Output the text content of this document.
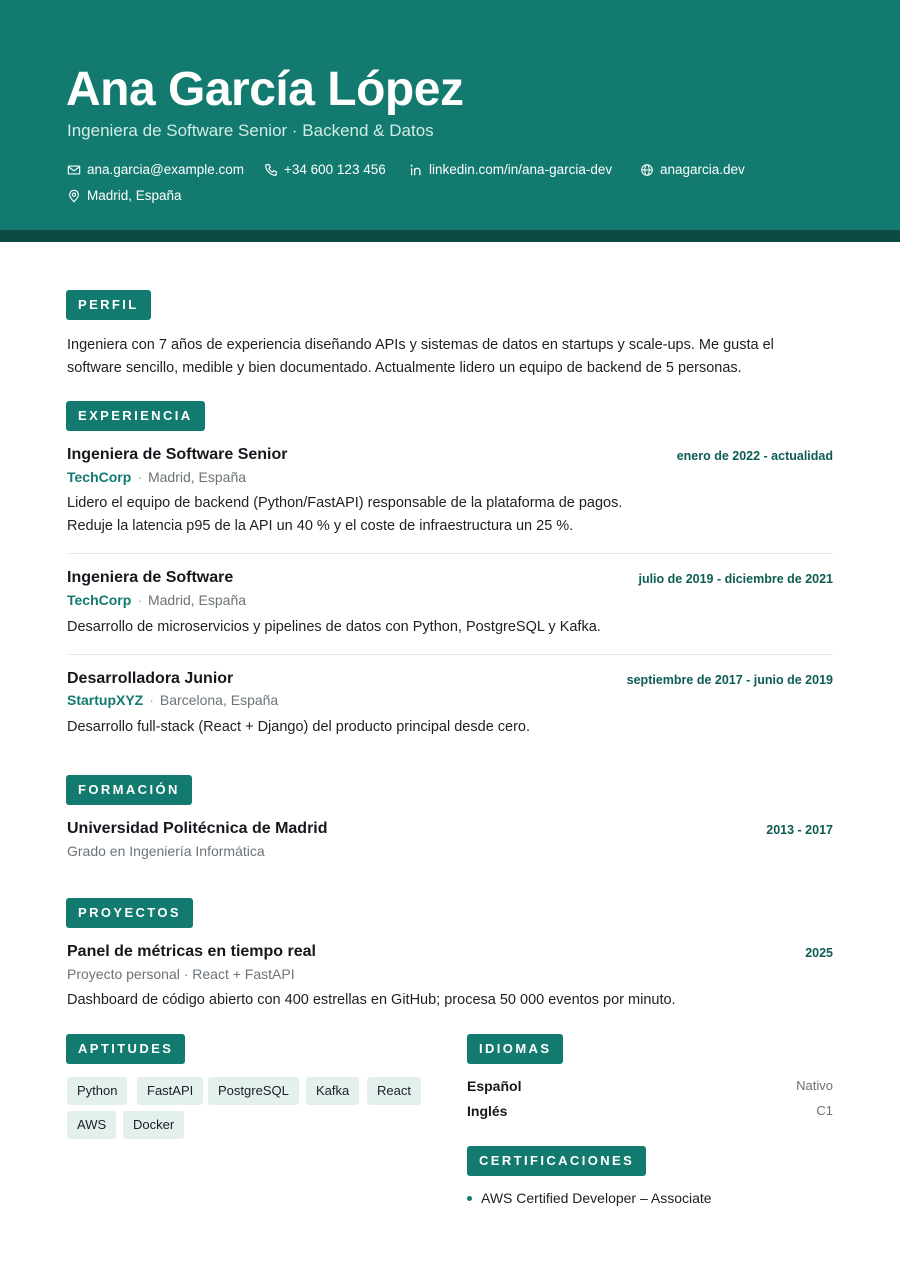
Ana García López
Ingeniera de Software Senior · Backend & Datos
ana.garcia@example.com	+34 600 123 456	linkedin.com/in/ana-garcia-dev	anagarcia.dev
Madrid, España
PERFIL
Ingeniera con 7 años de experiencia diseñando APIs y sistemas de datos en startups y scale-ups. Me gusta el
software sencillo, medible y bien documentado. Actualmente lidero un equipo de backend de 5 personas.
EXPERIENCIA
Ingeniera de Software Senior	enero de 2022 - actualidad
TechCorp · Madrid, España
Lidero el equipo de backend (Python/FastAPI) responsable de la plataforma de pagos.
Reduje la latencia p95 de la API un 40 % y el coste de infraestructura un 25 %.
Ingeniera de Software	julio de 2019 - diciembre de 2021
TechCorp · Madrid, España
Desarrollo de microservicios y pipelines de datos con Python, PostgreSQL y Kafka.
Desarrolladora Junior	septiembre de 2017 - junio de 2019
StartupXYZ · Barcelona, España
Desarrollo full-stack (React + Django) del producto principal desde cero.
FORMACIÓN
Universidad Politécnica de Madrid	2013 - 2017
Grado en Ingeniería Informática
PROYECTOS
Panel de métricas en tiempo real	2025
Proyecto personal · React + FastAPI
Dashboard de código abierto con 400 estrellas en GitHub; procesa 50 000 eventos por minuto.
APTITUDES
Python	FastAPI	PostgreSQL	Kafka	React
AWS	Docker
IDIOMAS
Español	Nativo
Inglés	C1
CERTIFICACIONES
AWS Certified Developer – Associate
